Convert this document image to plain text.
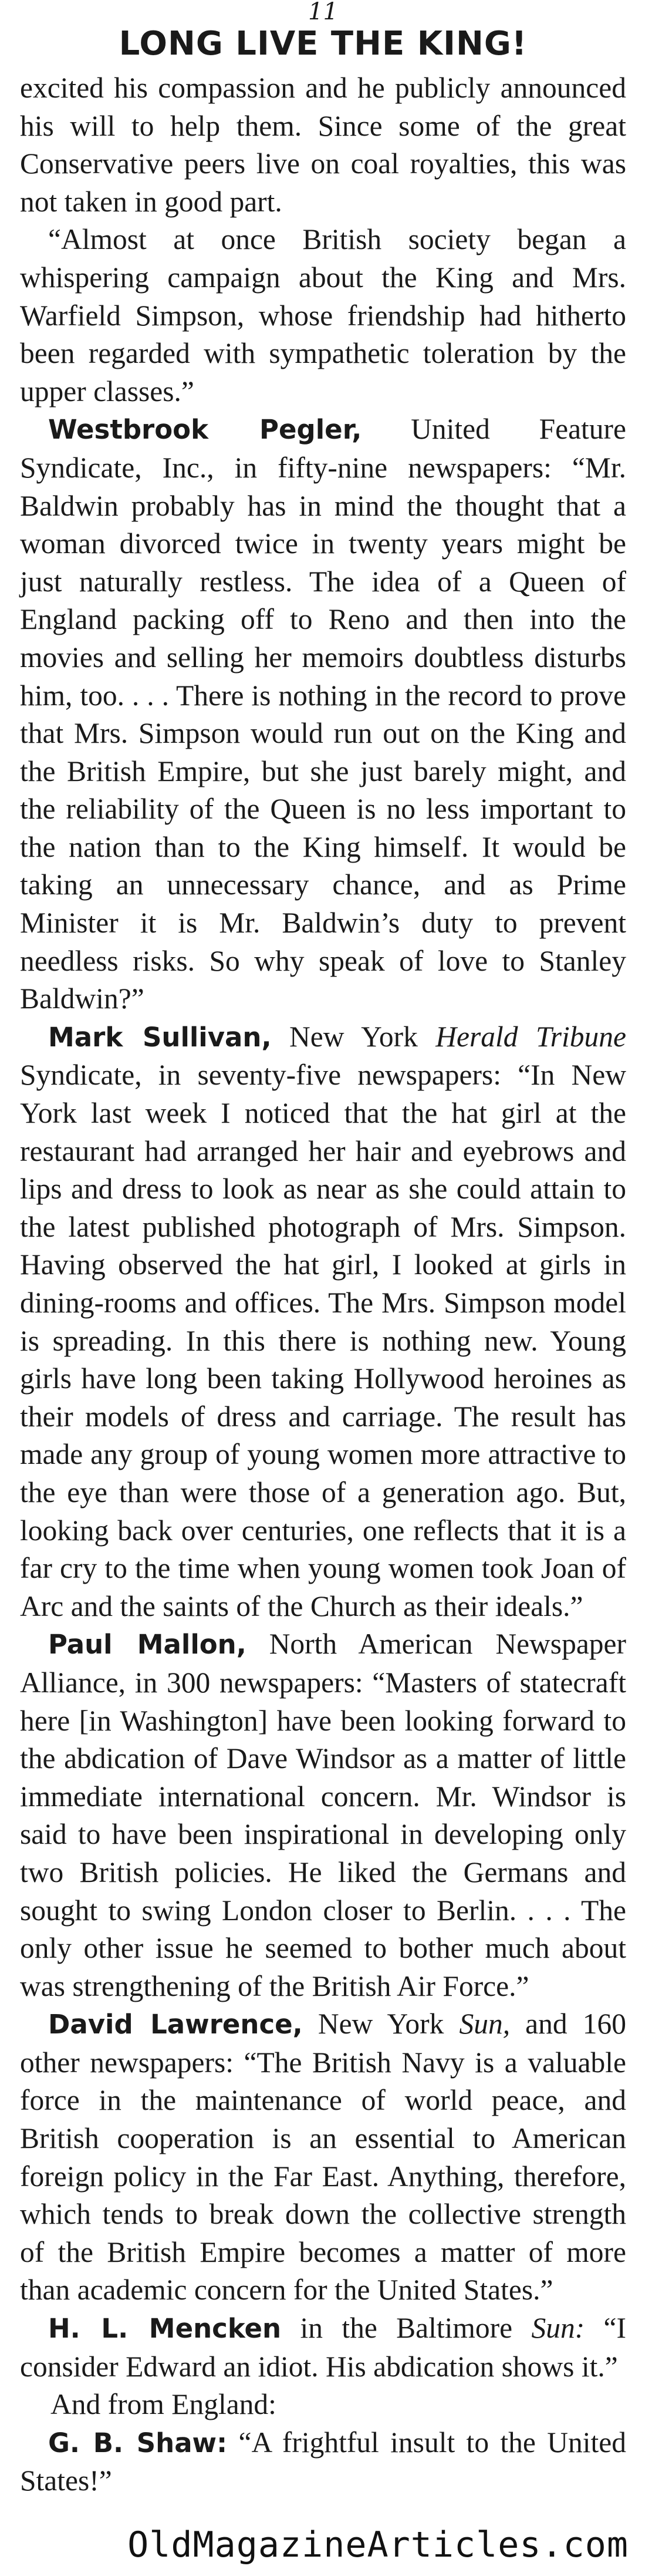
11
LONG LIVE THE KING!

excited his compassion and he publicly announced his will to help them. Since some of the great Conservative peers live on coal royalties, this was not taken in good part.

“Almost at once British society began a whispering campaign about the King and Mrs. Warfield Simpson, whose friendship had hitherto been regarded with sympathetic toleration by the upper classes.”

Westbrook Pegler, United Feature Syndicate, Inc., in fifty-nine newspapers: “Mr. Baldwin probably has in mind the thought that a woman divorced twice in twenty years might be just naturally restless. The idea of a Queen of England packing off to Reno and then into the movies and selling her memoirs doubtless disturbs him, too. . . . There is nothing in the record to prove that Mrs. Simpson would run out on the King and the British Empire, but she just barely might, and the reliability of the Queen is no less important to the nation than to the King himself. It would be taking an unnecessary chance, and as Prime Minister it is Mr. Baldwin’s duty to prevent needless risks. So why speak of love to Stanley Baldwin?”

Mark Sullivan, New York Herald Tribune Syndicate, in seventy-five newspapers: “In New York last week I noticed that the hat girl at the restaurant had arranged her hair and eyebrows and lips and dress to look as near as she could attain to the latest published photograph of Mrs. Simpson. Having observed the hat girl, I looked at girls in dining-rooms and offices. The Mrs. Simpson model is spreading. In this there is nothing new. Young girls have long been taking Hollywood heroines as their models of dress and carriage. The result has made any group of young women more attractive to the eye than were those of a generation ago. But, looking back over centuries, one reflects that it is a far cry to the time when young women took Joan of Arc and the saints of the Church as their ideals.”

Paul Mallon, North American Newspaper Alliance, in 300 newspapers: “Masters of statecraft here [in Washington] have been looking forward to the abdication of Dave Windsor as a matter of little immediate international concern. Mr. Windsor is said to have been inspirational in developing only two British policies. He liked the Germans and sought to swing London closer to Berlin. . . . The only other issue he seemed to bother much about was strengthening of the British Air Force.”

David Lawrence, New York Sun, and 160 other newspapers: “The British Navy is a valuable force in the maintenance of world peace, and British cooperation is an essential to American foreign policy in the Far East. Anything, therefore, which tends to break down the collective strength of the British Empire becomes a matter of more than academic concern for the United States.”

H. L. Mencken in the Baltimore Sun: “I consider Edward an idiot. His abdication shows it.”

And from England:

G. B. Shaw: “A frightful insult to the United States!”

OldMagazineArticles.com
